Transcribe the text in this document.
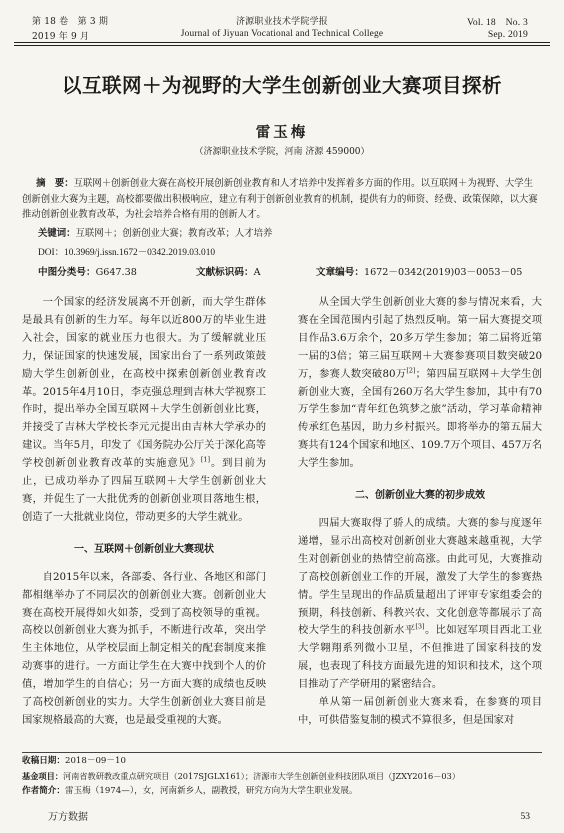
第 18 卷　第 3 期
2019 年 9 月
济源职业技术学院学报
Journal of Jiyuan Vocational and Technical College
Vol. 18　No. 3
Sep. 2019
以互联网＋为视野的大学生创新创业大赛项目探析
雷玉梅
（济源职业技术学院，河南 济源 459000）
摘　要：互联网＋创新创业大赛在高校开展创新创业教育和人才培养中发挥着多方面的作用。以互联网＋为视野、大学生创新创业大赛为主题，高校都要做出积极响应，建立有利于创新创业教育的机制，提供有力的师资、经费、政策保障，以大赛推动创新创业教育改革，为社会培养合格有用的创新人才。
关键词：互联网＋；创新创业大赛；教育改革；人才培养
DOI：10.3969/j.issn.1672－0342.2019.03.010
中图分类号：G647.38	文献标识码：A	文章编号：1672－0342(2019)03－0053－05

一个国家的经济发展离不开创新，而大学生群体是最具有创新的生力军。每年以近800万的毕业生进入社会，国家的就业压力也很大。为了缓解就业压力，保证国家的快速发展，国家出台了一系列政策鼓励大学生创新创业，在高校中探索创新创业教育改革。2015年4月10日，李克强总理到吉林大学视察工作时，提出举办全国互联网＋大学生创新创业比赛，并接受了吉林大学校长李元元提出由吉林大学承办的建议。当年5月，印发了《国务院办公厅关于深化高等学校创新创业教育改革的实施意见》[1]。到目前为止，已成功举办了四届互联网＋大学生创新创业大赛，并促生了一大批优秀的创新创业项目落地生根，创造了一大批就业岗位，带动更多的大学生就业。

一、互联网＋创新创业大赛现状

自2015年以来，各部委、各行业、各地区和部门都相继举办了不同层次的创新创业大赛。创新创业大赛在高校开展得如火如荼，受到了高校领导的重视。高校以创新创业大赛为抓手，不断进行改革，突出学生主体地位，从学校层面上制定相关的配套制度来推动赛事的进行。一方面让学生在大赛中找到个人的价值，增加学生的自信心；另一方面大赛的成绩也反映了高校创新创业的实力。大学生创新创业大赛目前是国家规格最高的大赛，也是最受重视的大赛。

从全国大学生创新创业大赛的参与情况来看，大赛在全国范围内引起了热烈反响。第一届大赛提交项目作品3.6万余个，20多万学生参加；第二届将近第一届的3倍；第三届互联网＋大赛参赛项目数突破20万，参赛人数突破80万[2]；第四届互联网＋大学生创新创业大赛，全国有260万名大学生参加，其中有70万学生参加“青年红色筑梦之旅”活动，学习革命精神传承红色基因，助力乡村振兴。即将举办的第五届大赛共有124个国家和地区、109.7万个项目、457万名大学生参加。

二、创新创业大赛的初步成效

四届大赛取得了骄人的成绩。大赛的参与度逐年递增，显示出高校对创新创业大赛越来越重视，大学生对创新创业的热情空前高涨。由此可见，大赛推动了高校创新创业工作的开展，激发了大学生的参赛热情。学生呈现出的作品质量超出了评审专家组委会的预期，科技创新、科教兴农、文化创意等都展示了高校大学生的科技创新水平[3]。比如冠军项目西北工业大学翱翔系列微小卫星，不但推进了国家科技的发展，也表现了科技方面最先进的知识和技术，这个项目推动了产学研用的紧密结合。

单从第一届创新创业大赛来看，在参赛的项目中，可供借鉴复制的模式不算很多，但是国家对

收稿日期：2018－09－10
基金项目：河南省教研教改重点研究项目（2017SJGLX161）；济源市大学生创新创业科技团队项目（JZXY2016－03）
作者简介：雷玉梅（1974—），女，河南新乡人，副教授，研究方向为大学生职业发展。
万方数据	53
